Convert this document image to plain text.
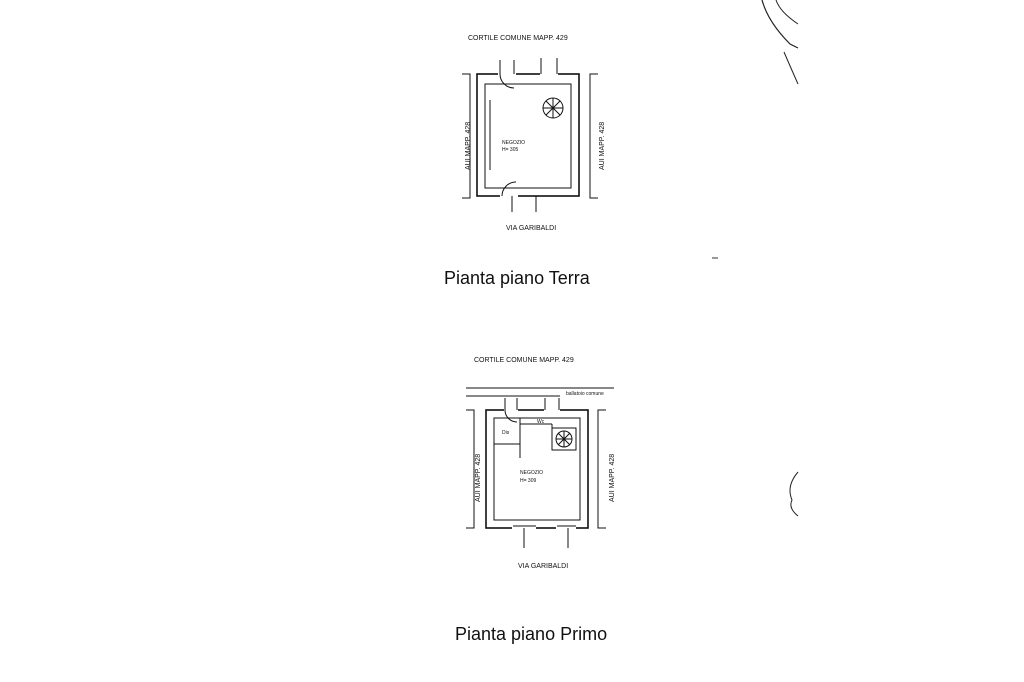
CORTILE COMUNE MAPP. 429
NEGOZIO
H= 305
AUI MAPP. 428	AUI MAPP. 428
VIA GARIBALDI
Pianta piano Terra
CORTILE COMUNE MAPP. 429
ballatoio comune
Dis
Wc
NEGOZIO
H= 309
AUI MAPP. 428	AUI MAPP. 428
VIA GARIBALDI
Pianta piano Primo
